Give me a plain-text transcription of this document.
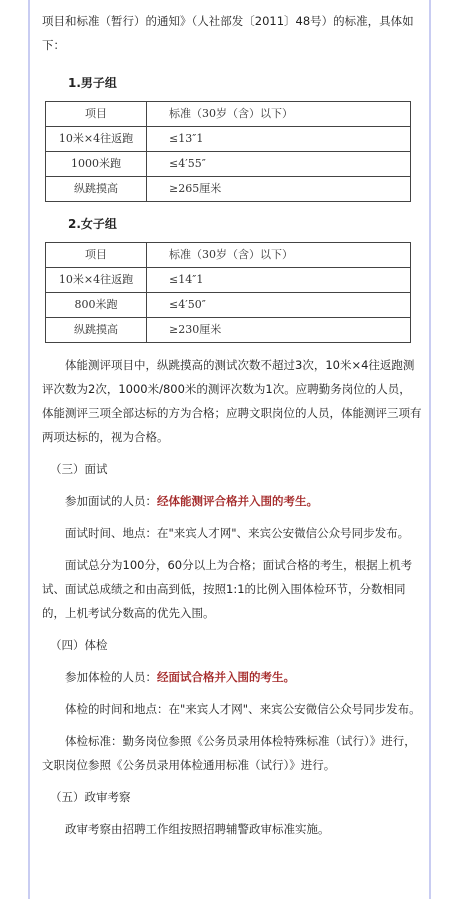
项目和标准（暂行）的通知》（人社部发〔2011〕48号）的标准，具体如下：

1.男子组

项目	标准（30岁（含）以下）
10米×4往返跑	≤13″1
1000米跑	≤4′55″
纵跳摸高	≥265厘米

2.女子组

项目	标准（30岁（含）以下）
10米×4往返跑	≤14″1
800米跑	≤4′50″
纵跳摸高	≥230厘米

体能测评项目中，纵跳摸高的测试次数不超过3次，10米×4往返跑测评次数为2次，1000米/800米的测评次数为1次。应聘勤务岗位的人员，体能测评三项全部达标的方为合格；应聘文职岗位的人员，体能测评三项有两项达标的，视为合格。

（三）面试

参加面试的人员：经体能测评合格并入围的考生。

面试时间、地点：在"来宾人才网"、来宾公安微信公众号同步发布。

面试总分为100分，60分以上为合格；面试合格的考生，根据上机考试、面试总成绩之和由高到低，按照1:1的比例入围体检环节，分数相同的，上机考试分数高的优先入围。

（四）体检

参加体检的人员：经面试合格并入围的考生。

体检的时间和地点：在"来宾人才网"、来宾公安微信公众号同步发布。

体检标准：勤务岗位参照《公务员录用体检特殊标准（试行）》进行，文职岗位参照《公务员录用体检通用标准（试行）》进行。

（五）政审考察

政审考察由招聘工作组按照招聘辅警政审标准实施。
